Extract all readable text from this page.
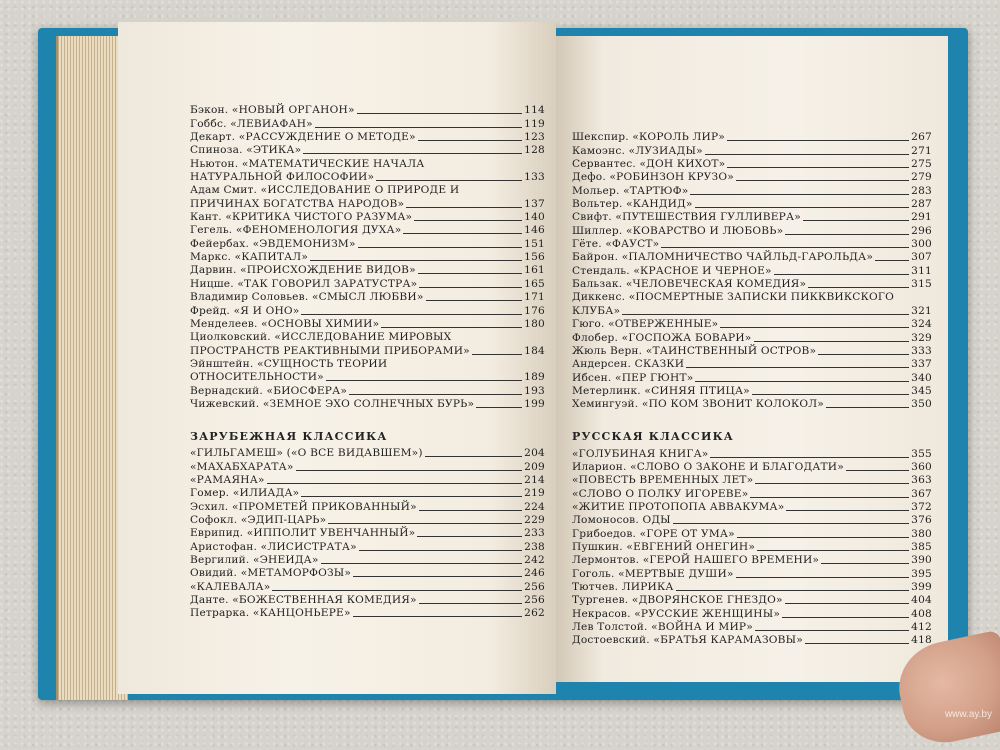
Бэкон. «НОВЫЙ ОРГАНОН»	114
Гоббс. «ЛЕВИАФАН»	119
Декарт. «РАССУЖДЕНИЕ О МЕТОДЕ»	123
Спиноза. «ЭТИКА»	128
Ньютон. «МАТЕМАТИЧЕСКИЕ НАЧАЛА
НАТУРАЛЬНОЙ ФИЛОСОФИИ»	133
Адам Смит. «ИССЛЕДОВАНИЕ О ПРИРОДЕ И
ПРИЧИНАХ БОГАТСТВА НАРОДОВ»	137
Кант. «КРИТИКА ЧИСТОГО РАЗУМА»	140
Гегель. «ФЕНОМЕНОЛОГИЯ ДУХА»	146
Фейербах. «ЭВДЕМОНИЗМ»	151
Маркс. «КАПИТАЛ»	156
Дарвин. «ПРОИСХОЖДЕНИЕ ВИДОВ»	161
Ницше. «ТАК ГОВОРИЛ ЗАРАТУСТРА»	165
Владимир Соловьев. «СМЫСЛ ЛЮБВИ»	171
Фрейд. «Я И ОНО»	176
Менделеев. «ОСНОВЫ ХИМИИ»	180
Циолковский. «ИССЛЕДОВАНИЕ МИРОВЫХ
ПРОСТРАНСТВ РЕАКТИВНЫМИ ПРИБОРАМИ»	184
Эйнштейн. «СУЩНОСТЬ ТЕОРИИ
ОТНОСИТЕЛЬНОСТИ»	189
Вернадский. «БИОСФЕРА»	193
Чижевский. «ЗЕМНОЕ ЭХО СОЛНЕЧНЫХ БУРЬ»	199
ЗАРУБЕЖНАЯ КЛАССИКА
«ГИЛЬГАМЕШ» («О ВСЕ ВИДАВШЕМ»)	204
«МАХАБХАРАТА»	209
«РАМАЯНА»	214
Гомер. «ИЛИАДА»	219
Эсхил. «ПРОМЕТЕЙ ПРИКОВАННЫЙ»	224
Софокл. «ЭДИП-ЦАРЬ»	229
Еврипид. «ИППОЛИТ УВЕНЧАННЫЙ»	233
Аристофан. «ЛИСИСТРАТА»	238
Вергилий. «ЭНЕИДА»	242
Овидий. «МЕТАМОРФОЗЫ»	246
«КАЛЕВАЛА»	256
Данте. «БОЖЕСТВЕННАЯ КОМЕДИЯ»	256
Петрарка. «КАНЦОНЬЕРЕ»	262
Шекспир. «КОРОЛЬ ЛИР»	267
Камоэнс. «ЛУЗИАДЫ»	271
Сервантес. «ДОН КИХОТ»	275
Дефо. «РОБИНЗОН КРУЗО»	279
Мольер. «ТАРТЮФ»	283
Вольтер. «КАНДИД»	287
Свифт. «ПУТЕШЕСТВИЯ ГУЛЛИВЕРА»	291
Шиллер. «КОВАРСТВО И ЛЮБОВЬ»	296
Гёте. «ФАУСТ»	300
Байрон. «ПАЛОМНИЧЕСТВО ЧАЙЛЬД-ГАРОЛЬДА»	307
Стендаль. «КРАСНОЕ И ЧЕРНОЕ»	311
Бальзак. «ЧЕЛОВЕЧЕСКАЯ КОМЕДИЯ»	315
Диккенс. «ПОСМЕРТНЫЕ ЗАПИСКИ ПИККВИКСКОГО
КЛУБА»	321
Гюго. «ОТВЕРЖЕННЫЕ»	324
Флобер. «ГОСПОЖА БОВАРИ»	329
Жюль Верн. «ТАИНСТВЕННЫЙ ОСТРОВ»	333
Андерсен. СКАЗКИ	337
Ибсен. «ПЕР ГЮНТ»	340
Метерлинк. «СИНЯЯ ПТИЦА»	345
Хемингуэй. «ПО КОМ ЗВОНИТ КОЛОКОЛ»	350
РУССКАЯ КЛАССИКА
«ГОЛУБИНАЯ КНИГА»	355
Иларион. «СЛОВО О ЗАКОНЕ И БЛАГОДАТИ»	360
«ПОВЕСТЬ ВРЕМЕННЫХ ЛЕТ»	363
«СЛОВО О ПОЛКУ ИГОРЕВЕ»	367
«ЖИТИЕ ПРОТОПОПА АВВАКУМА»	372
Ломоносов. ОДЫ	376
Грибоедов. «ГОРЕ ОТ УМА»	380
Пушкин. «ЕВГЕНИЙ ОНЕГИН»	385
Лермонтов. «ГЕРОЙ НАШЕГО ВРЕМЕНИ»	390
Гоголь. «МЕРТВЫЕ ДУШИ»	395
Тютчев. ЛИРИКА	399
Тургенев. «ДВОРЯНСКОЕ ГНЕЗДО»	404
Некрасов. «РУССКИЕ ЖЕНЩИНЫ»	408
Лев Толстой. «ВОЙНА И МИР»	412
Достоевский. «БРАТЬЯ КАРАМАЗОВЫ»	418
www.ay.by
